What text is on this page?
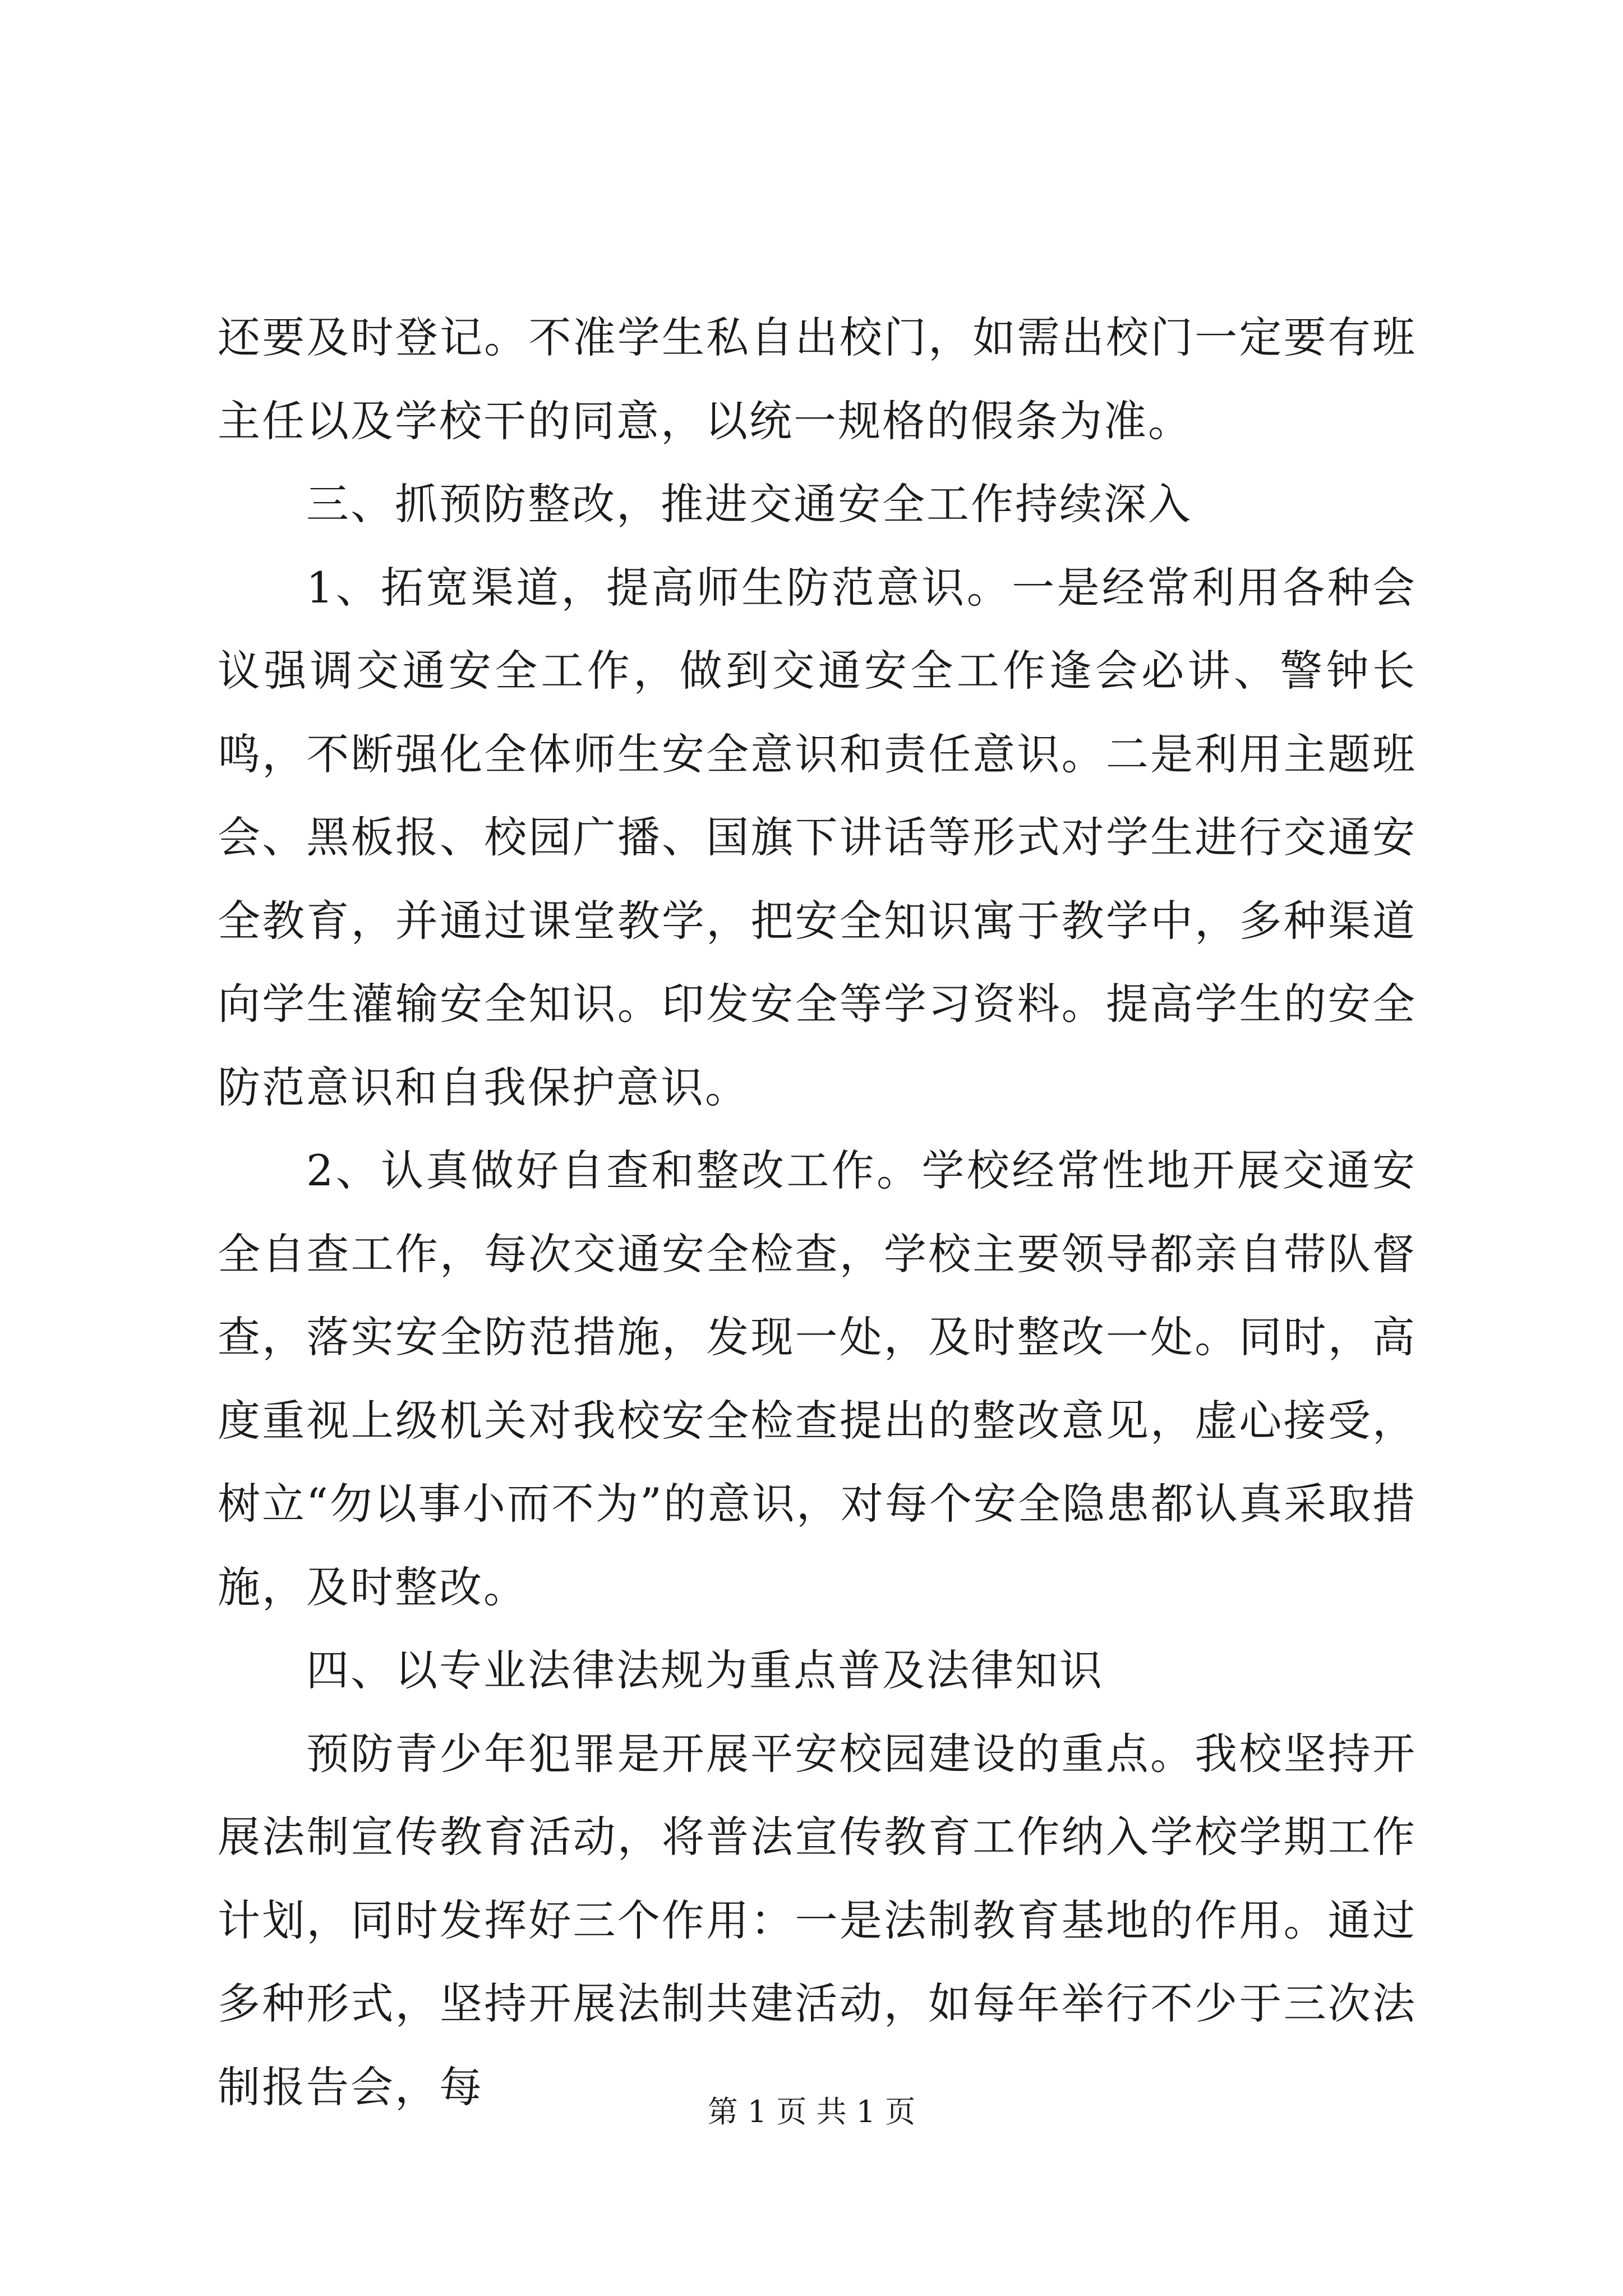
还要及时登记。不准学生私自出校门，如需出校门一定要有班主任以及学校干的同意，以统一规格的假条为准。

三、抓预防整改，推进交通安全工作持续深入

1、拓宽渠道，提高师生防范意识。一是经常利用各种会议强调交通安全工作，做到交通安全工作逢会必讲、警钟长鸣，不断强化全体师生安全意识和责任意识。二是利用主题班会、黑板报、校园广播、国旗下讲话等形式对学生进行交通安全教育，并通过课堂教学，把安全知识寓于教学中，多种渠道向学生灌输安全知识。印发安全等学习资料。提高学生的安全防范意识和自我保护意识。

2、认真做好自查和整改工作。学校经常性地开展交通安全自查工作，每次交通安全检查，学校主要领导都亲自带队督查，落实安全防范措施，发现一处，及时整改一处。同时，高度重视上级机关对我校安全检查提出的整改意见，虚心接受，树立“勿以事小而不为”的意识，对每个安全隐患都认真采取措施，及时整改。

四、以专业法律法规为重点普及法律知识

预防青少年犯罪是开展平安校园建设的重点。我校坚持开展法制宣传教育活动，将普法宣传教育工作纳入学校学期工作计划，同时发挥好三个作用：一是法制教育基地的作用。通过多种形式，坚持开展法制共建活动，如每年举行不少于三次法制报告会，每	第 1 页 共 1 页
